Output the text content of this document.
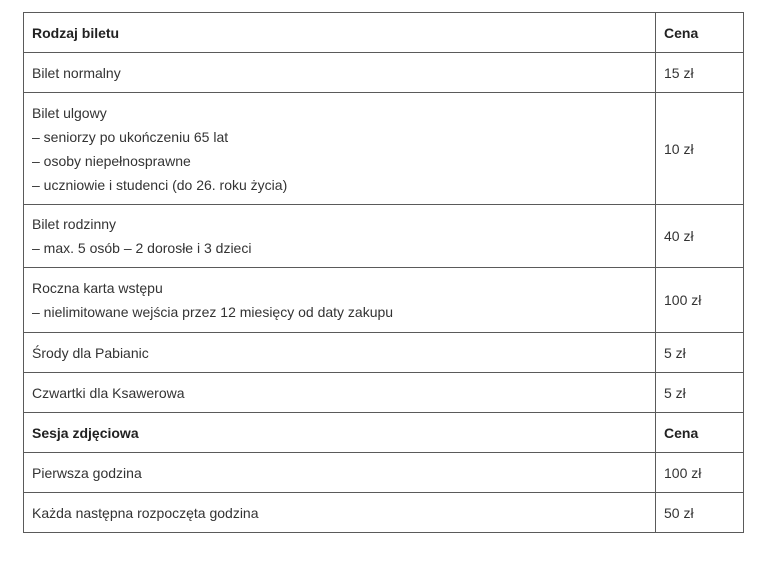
Rodzaj biletu	Cena

Bilet normalny	15 zł

Bilet ulgowy
– seniorzy po ukończeniu 65 lat
– osoby niepełnosprawne
– uczniowie i studenci (do 26. roku życia)	10 zł

Bilet rodzinny
– max. 5 osób – 2 dorosłe i 3 dzieci	40 zł

Roczna karta wstępu
– nielimitowane wejścia przez 12 miesięcy od daty zakupu	100 zł

Środy dla Pabianic	5 zł

Czwartki dla Ksawerowa	5 zł

Sesja zdjęciowa	Cena

Pierwsza godzina	100 zł

Każda następna rozpoczęta godzina	50 zł
